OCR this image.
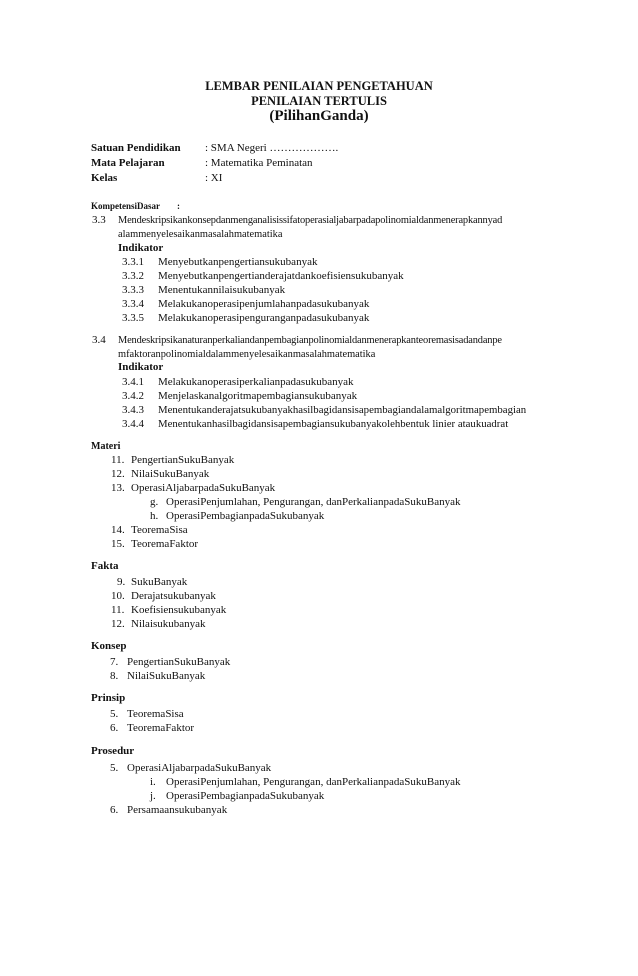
LEMBAR PENILAIAN PENGETAHUAN
PENILAIAN TERTULIS
(PilihanGanda)
Satuan Pendidikan : SMA Negeri ……………….
Mata Pelajaran	: Matematika Peminatan
Kelas	: XI
KompetensiDasar :
3.3 Mendeskripsikankonsepdanmenganalisissifatoperasialjabarpadapolinomialdanmenerapkannyad
alammenyelesaikanmasalahmatematika
Indikator
3.3.1 Menyebutkanpengertiansukubanyak
3.3.2 Menyebutkanpengertianderajatdankoefisiensukubanyak
3.3.3 Menentukannilaisukubanyak
3.3.4 Melakukanoperasipenjumlahanpadasukubanyak
3.3.5 Melakukanoperasipenguranganpadasukubanyak
3.4 Mendeskripsikanaturanperkaliandanpembagianpolinomialdanmenerapkanteoremasisadandanpe
mfaktoranpolinomialdalammenyelesaikanmasalahmatematika
Indikator
3.4.1 Melakukanoperasiperkalianpadasukubanyak
3.4.2 Menjelaskanalgoritmapembagiansukubanyak
3.4.3 Menentukanderajatsukubanyakhasilbagidansisapembagiandalamalgoritmapembagian
3.4.4 Menentukanhasilbagidansisapembagiansukubanyakolehbentuk linier ataukuadrat
Materi
11. PengertianSukuBanyak
12. NilaiSukuBanyak
13. OperasiAljabarpadaSukuBanyak
g. OperasiPenjumlahan, Pengurangan, danPerkalianpadaSukuBanyak
h. OperasiPembagianpadaSukubanyak
14. TeoremaSisa
15. TeoremaFaktor
Fakta
9. SukuBanyak
10. Derajatsukubanyak
11. Koefisiensukubanyak
12. Nilaisukubanyak
Konsep
7. PengertianSukuBanyak
8. NilaiSukuBanyak
Prinsip
5. TeoremaSisa
6. TeoremaFaktor
Prosedur
5. OperasiAljabarpadaSukuBanyak
i. OperasiPenjumlahan, Pengurangan, danPerkalianpadaSukuBanyak
j. OperasiPembagianpadaSukubanyak
6. Persamaansukubanyak
